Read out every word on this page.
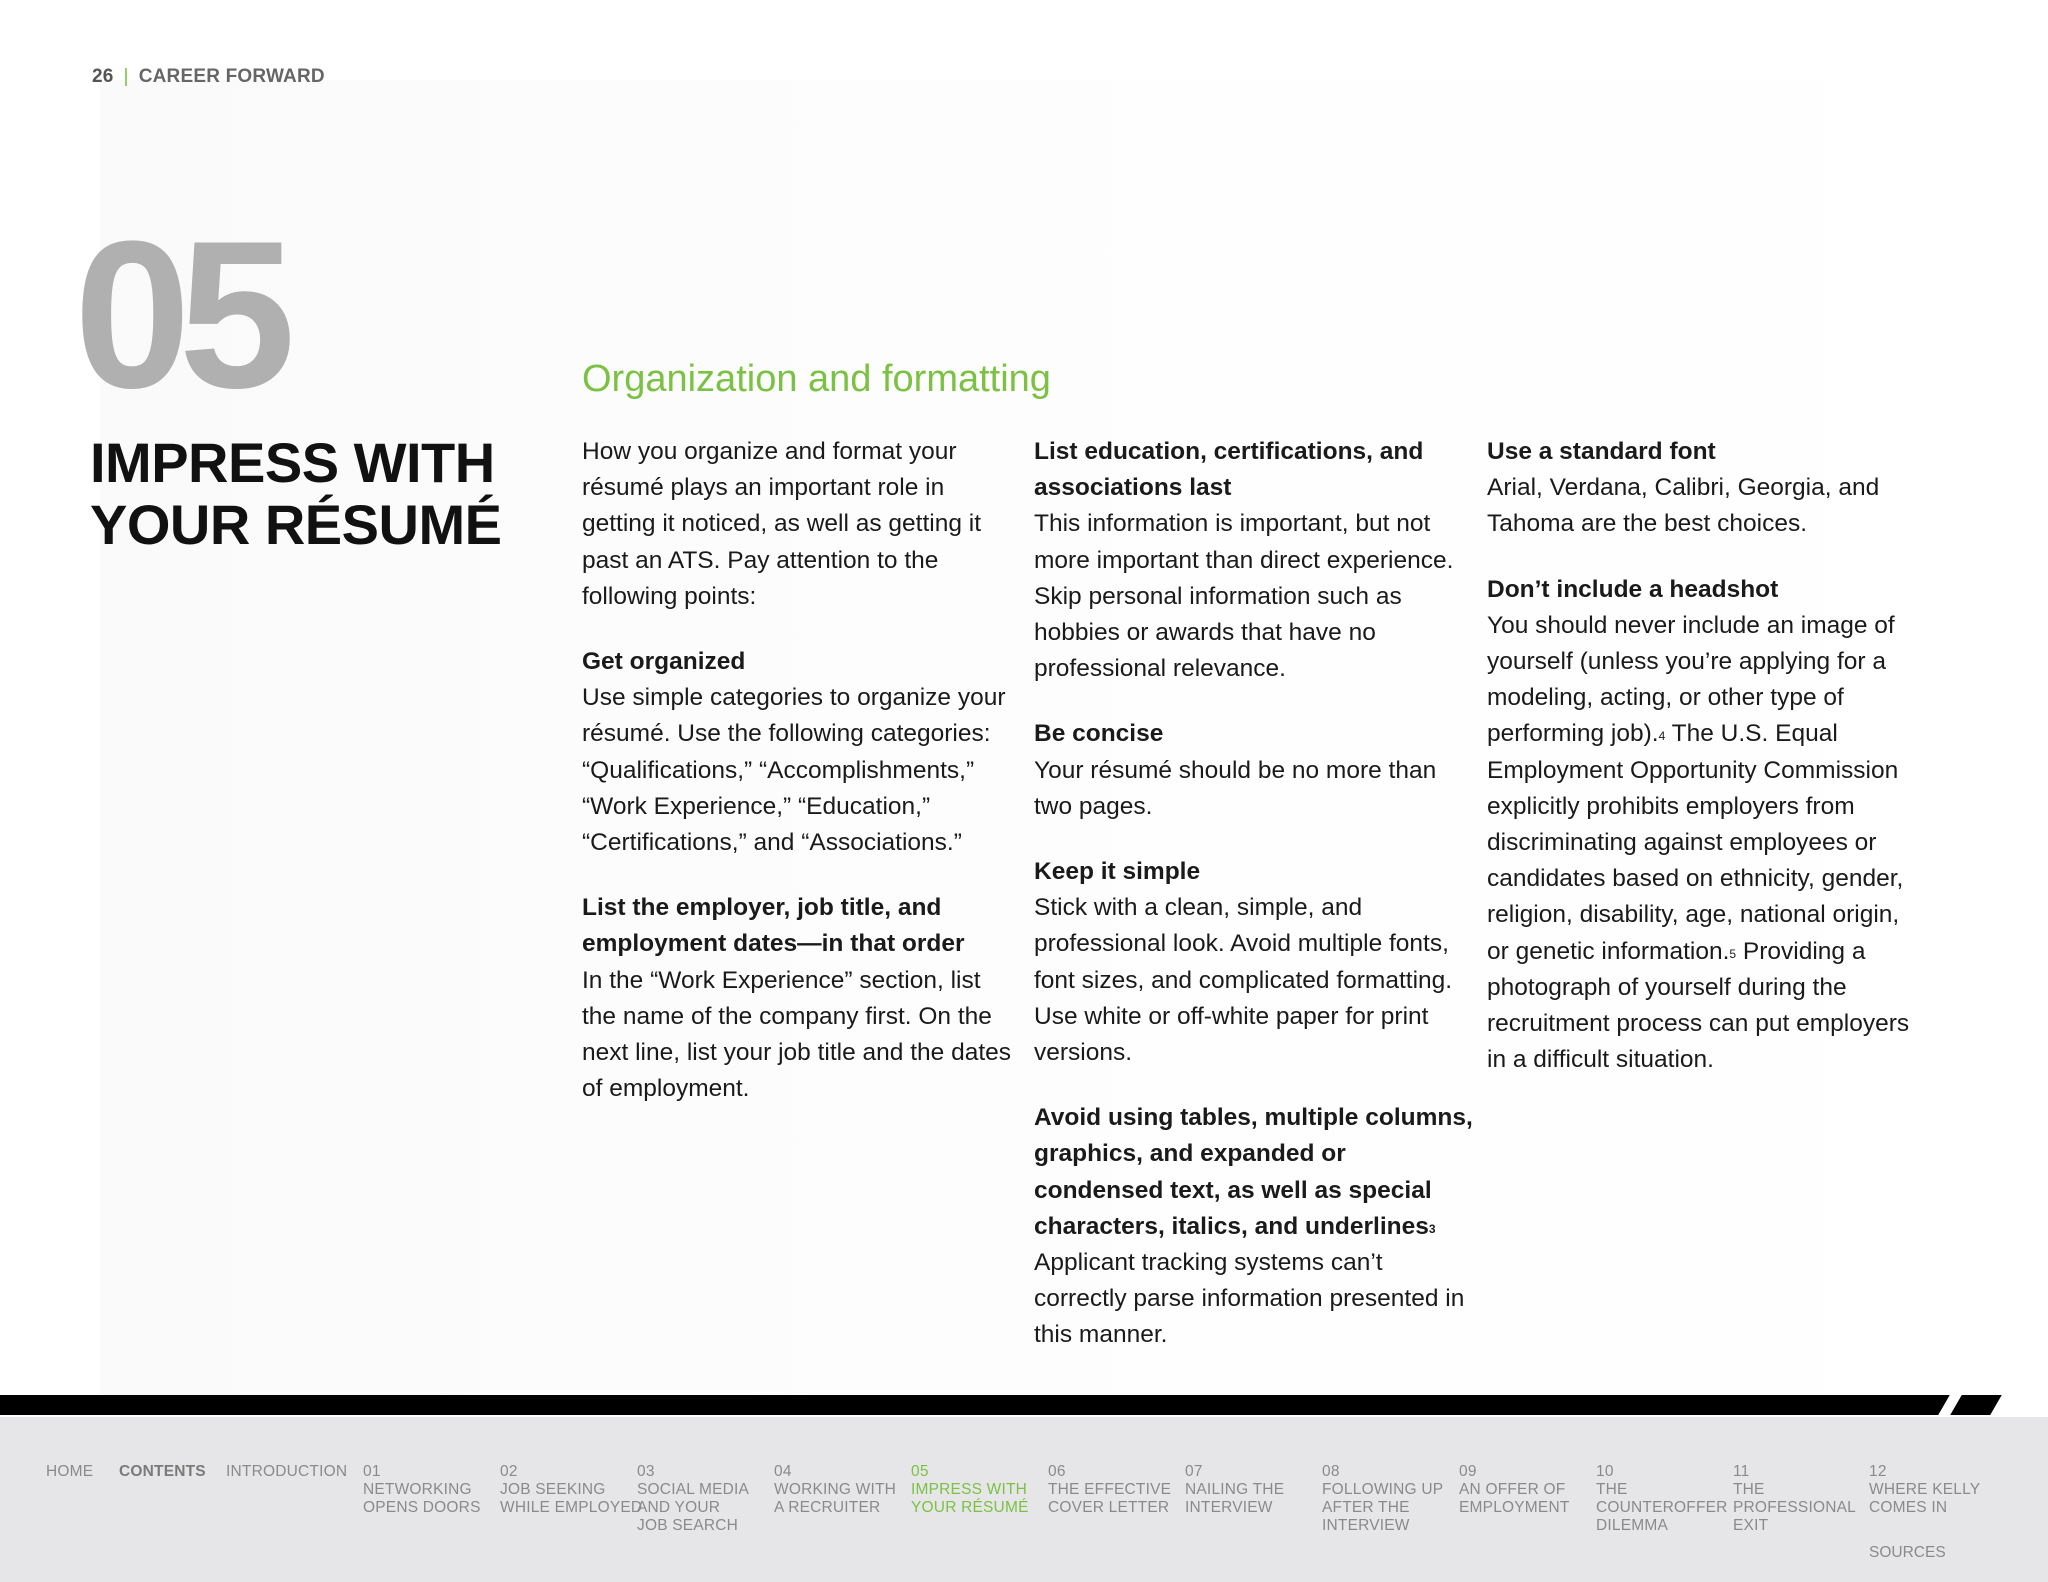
26 | CAREER FORWARD
05
IMPRESS WITH
YOUR RÉSUMÉ
Organization and formatting

How you organize and format your résumé plays an important role in getting it noticed, as well as getting it past an ATS. Pay attention to the following points:

Get organized
Use simple categories to organize your résumé. Use the following categories: “Qualifications,” “Accomplishments,” “Work Experience,” “Education,” “Certifications,” and “Associations.”

List the employer, job title, and employment dates—in that order
In the “Work Experience” section, list the name of the company first. On the next line, list your job title and the dates of employment.

List education, certifications, and associations last
This information is important, but not more important than direct experience. Skip personal information such as hobbies or awards that have no professional relevance.

Be concise
Your résumé should be no more than two pages.

Keep it simple
Stick with a clean, simple, and professional look. Avoid multiple fonts, font sizes, and complicated formatting. Use white or off-white paper for print versions.

Avoid using tables, multiple columns, graphics, and expanded or condensed text, as well as special characters, italics, and underlines$^3$
Applicant tracking systems can’t correctly parse information presented in this manner.

Use a standard font
Arial, Verdana, Calibri, Georgia, and Tahoma are the best choices.

Don’t include a headshot
You should never include an image of yourself (unless you’re applying for a modeling, acting, or other type of performing job).$^4$ The U.S. Equal Employment Opportunity Commission explicitly prohibits employers from discriminating against employees or candidates based on ethnicity, gender, religion, disability, age, national origin, or genetic information.$^5$ Providing a photograph of yourself during the recruitment process can put employers in a difficult situation.

HOME CONTENTS INTRODUCTION 01
NETWORKING
OPENS DOORS
02
JOB SEEKING
WHILE EMPLOYED
03
SOCIAL MEDIA
AND YOUR
JOB SEARCH
04
WORKING WITH
A RECRUITER
05
IMPRESS WITH
YOUR RÉSUMÉ
06
THE EFFECTIVE
COVER LETTER
07
NAILING THE
INTERVIEW
08
FOLLOWING UP
AFTER THE
INTERVIEW
09
AN OFFER OF
EMPLOYMENT
10
THE
COUNTEROFFER
DILEMMA
11
THE
PROFESSIONAL
EXIT
12
WHERE KELLY
COMES IN
SOURCES
